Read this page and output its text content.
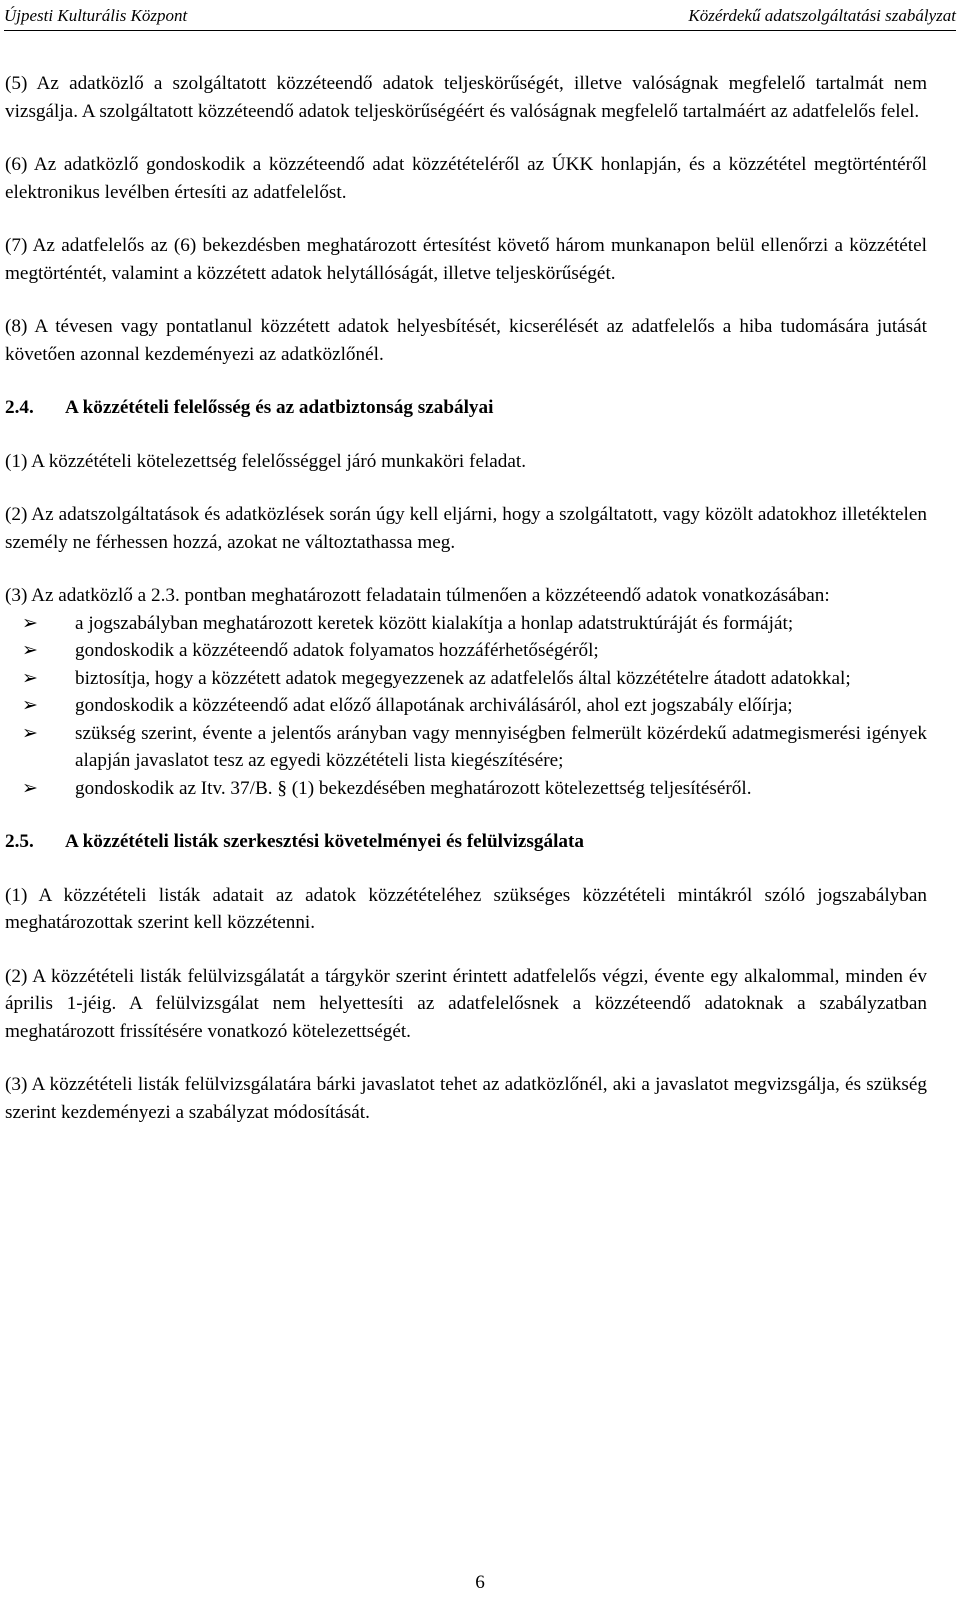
Újpesti Kulturális Központ	Közérdekű adatszolgáltatási szabályzat

(5) Az adatközlő a szolgáltatott közzéteendő adatok teljeskörűségét, illetve valóságnak megfelelő tartalmát nem vizsgálja. A szolgáltatott közzéteendő adatok teljeskörűségéért és valóságnak megfelelő tartalmáért az adatfelelős felel.

(6) Az adatközlő gondoskodik a közzéteendő adat közzétételéről az ÚKK honlapján, és a közzététel megtörténtéről elektronikus levélben értesíti az adatfelelőst.

(7) Az adatfelelős az (6) bekezdésben meghatározott értesítést követő három munkanapon belül ellenőrzi a közzététel megtörténtét, valamint a közzétett adatok helytállóságát, illetve teljeskörűségét.

(8) A tévesen vagy pontatlanul közzétett adatok helyesbítését, kicserélését az adatfelelős a hiba tudomására jutását követően azonnal kezdeményezi az adatközlőnél.

2.4.	A közzétételi felelősség és az adatbiztonság szabályai

(1) A közzétételi kötelezettség felelősséggel járó munkaköri feladat.

(2) Az adatszolgáltatások és adatközlések során úgy kell eljárni, hogy a szolgáltatott, vagy közölt adatokhoz illetéktelen személy ne férhessen hozzá, azokat ne változtathassa meg.

(3) Az adatközlő a 2.3. pontban meghatározott feladatain túlmenően a közzéteendő adatok vonatkozásában:

➢ a jogszabályban meghatározott keretek között kialakítja a honlap adatstruktúráját és formáját;
➢ gondoskodik a közzéteendő adatok folyamatos hozzáférhetőségéről;
➢ biztosítja, hogy a közzétett adatok megegyezzenek az adatfelelős által közzétételre átadott adatokkal;
➢ gondoskodik a közzéteendő adat előző állapotának archiválásáról, ahol ezt jogszabály előírja;
➢ szükség szerint, évente a jelentős arányban vagy mennyiségben felmerült közérdekű adatmegismerési igények alapján javaslatot tesz az egyedi közzétételi lista kiegészítésére;
➢ gondoskodik az Itv. 37/B. § (1) bekezdésében meghatározott kötelezettség teljesítéséről.
2.5.	A közzétételi listák szerkesztési követelményei és felülvizsgálata

(1) A közzétételi listák adatait az adatok közzétételéhez szükséges közzétételi mintákról szóló jogszabályban meghatározottak szerint kell közzétenni.

(2) A közzétételi listák felülvizsgálatát a tárgykör szerint érintett adatfelelős végzi, évente egy alkalommal, minden év április 1-jéig. A felülvizsgálat nem helyettesíti az adatfelelősnek a közzéteendő adatoknak a szabályzatban meghatározott frissítésére vonatkozó kötelezettségét.

(3) A közzétételi listák felülvizsgálatára bárki javaslatot tehet az adatközlőnél, aki a javaslatot megvizsgálja, és szükség szerint kezdeményezi a szabályzat módosítását.

6
